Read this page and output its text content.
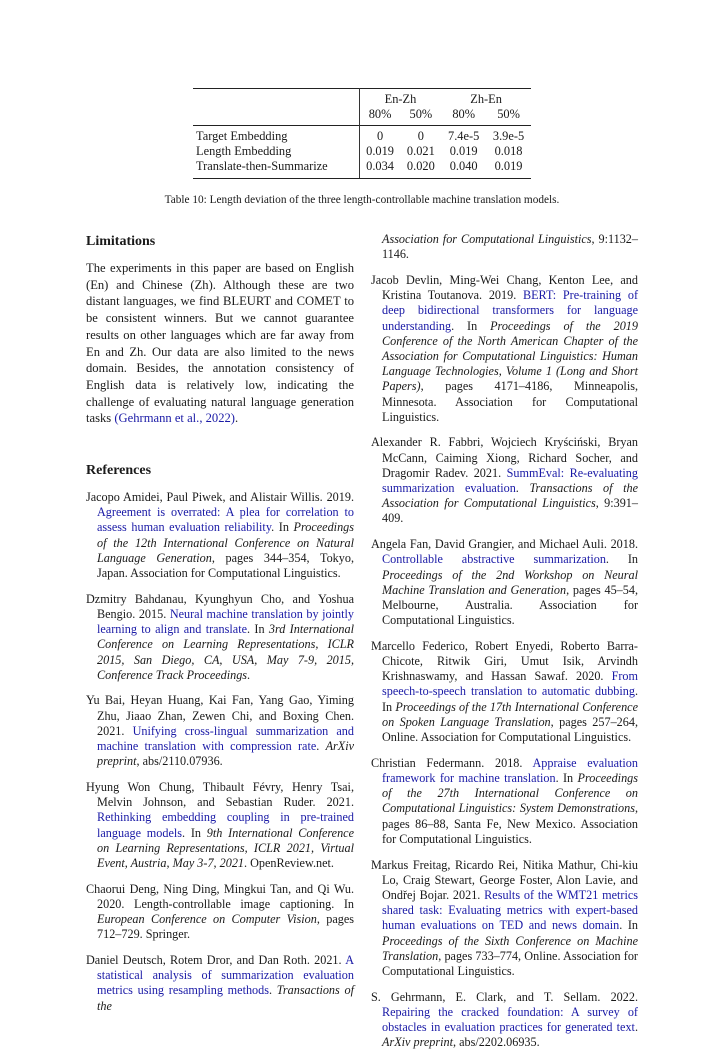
	En-Zh		Zh-En	
	80%	50%	80%	50%
Target Embedding	0	0	7.4e-5	3.9e-5
Length Embedding	0.019	0.021	0.019	0.018
Translate-then-Summarize	0.034	0.020	0.040	0.019
Table 10: Length deviation of the three length-controllable machine translation models.
Limitations

The experiments in this paper are based on English (En) and Chinese (Zh). Although these are two distant languages, we find BLEURT and COMET to be consistent winners. But we cannot guarantee results on other languages which are far away from En and Zh. Our data are also limited to the news domain. Besides, the annotation consistency of English data is relatively low, indicating the challenge of evaluating natural language generation tasks (Gehrmann et al., 2022).

References

Jacopo Amidei, Paul Piwek, and Alistair Willis. 2019. Agreement is overrated: A plea for correlation to assess human evaluation reliability. In Proceedings of the 12th International Conference on Natural Language Generation, pages 344–354, Tokyo, Japan. Association for Computational Linguistics.

Dzmitry Bahdanau, Kyunghyun Cho, and Yoshua Bengio. 2015. Neural machine translation by jointly learning to align and translate. In 3rd International Conference on Learning Representations, ICLR 2015, San Diego, CA, USA, May 7-9, 2015, Conference Track Proceedings.

Yu Bai, Heyan Huang, Kai Fan, Yang Gao, Yiming Zhu, Jiaao Zhan, Zewen Chi, and Boxing Chen. 2021. Unifying cross-lingual summarization and machine translation with compression rate. ArXiv preprint, abs/2110.07936.

Hyung Won Chung, Thibault Févry, Henry Tsai, Melvin Johnson, and Sebastian Ruder. 2021. Rethinking embedding coupling in pre-trained language models. In 9th International Conference on Learning Representations, ICLR 2021, Virtual Event, Austria, May 3-7, 2021. OpenReview.net.

Chaorui Deng, Ning Ding, Mingkui Tan, and Qi Wu. 2020. Length-controllable image captioning. In European Conference on Computer Vision, pages 712–729. Springer.

Daniel Deutsch, Rotem Dror, and Dan Roth. 2021. A statistical analysis of summarization evaluation metrics using resampling methods. Transactions of the

Association for Computational Linguistics, 9:1132–1146.

Jacob Devlin, Ming-Wei Chang, Kenton Lee, and Kristina Toutanova. 2019. BERT: Pre-training of deep bidirectional transformers for language understanding. In Proceedings of the 2019 Conference of the North American Chapter of the Association for Computational Linguistics: Human Language Technologies, Volume 1 (Long and Short Papers), pages 4171–4186, Minneapolis, Minnesota. Association for Computational Linguistics.

Alexander R. Fabbri, Wojciech Kryściński, Bryan McCann, Caiming Xiong, Richard Socher, and Dragomir Radev. 2021. SummEval: Re-evaluating summarization evaluation. Transactions of the Association for Computational Linguistics, 9:391–409.

Angela Fan, David Grangier, and Michael Auli. 2018. Controllable abstractive summarization. In Proceedings of the 2nd Workshop on Neural Machine Translation and Generation, pages 45–54, Melbourne, Australia. Association for Computational Linguistics.

Marcello Federico, Robert Enyedi, Roberto Barra-Chicote, Ritwik Giri, Umut Isik, Arvindh Krishnaswamy, and Hassan Sawaf. 2020. From speech-to-speech translation to automatic dubbing. In Proceedings of the 17th International Conference on Spoken Language Translation, pages 257–264, Online. Association for Computational Linguistics.

Christian Federmann. 2018. Appraise evaluation framework for machine translation. In Proceedings of the 27th International Conference on Computational Linguistics: System Demonstrations, pages 86–88, Santa Fe, New Mexico. Association for Computational Linguistics.

Markus Freitag, Ricardo Rei, Nitika Mathur, Chi-kiu Lo, Craig Stewart, George Foster, Alon Lavie, and Ondřej Bojar. 2021. Results of the WMT21 metrics shared task: Evaluating metrics with expert-based human evaluations on TED and news domain. In Proceedings of the Sixth Conference on Machine Translation, pages 733–774, Online. Association for Computational Linguistics.

S. Gehrmann, E. Clark, and T. Sellam. 2022. Repairing the cracked foundation: A survey of obstacles in evaluation practices for generated text. ArXiv preprint, abs/2202.06935.
